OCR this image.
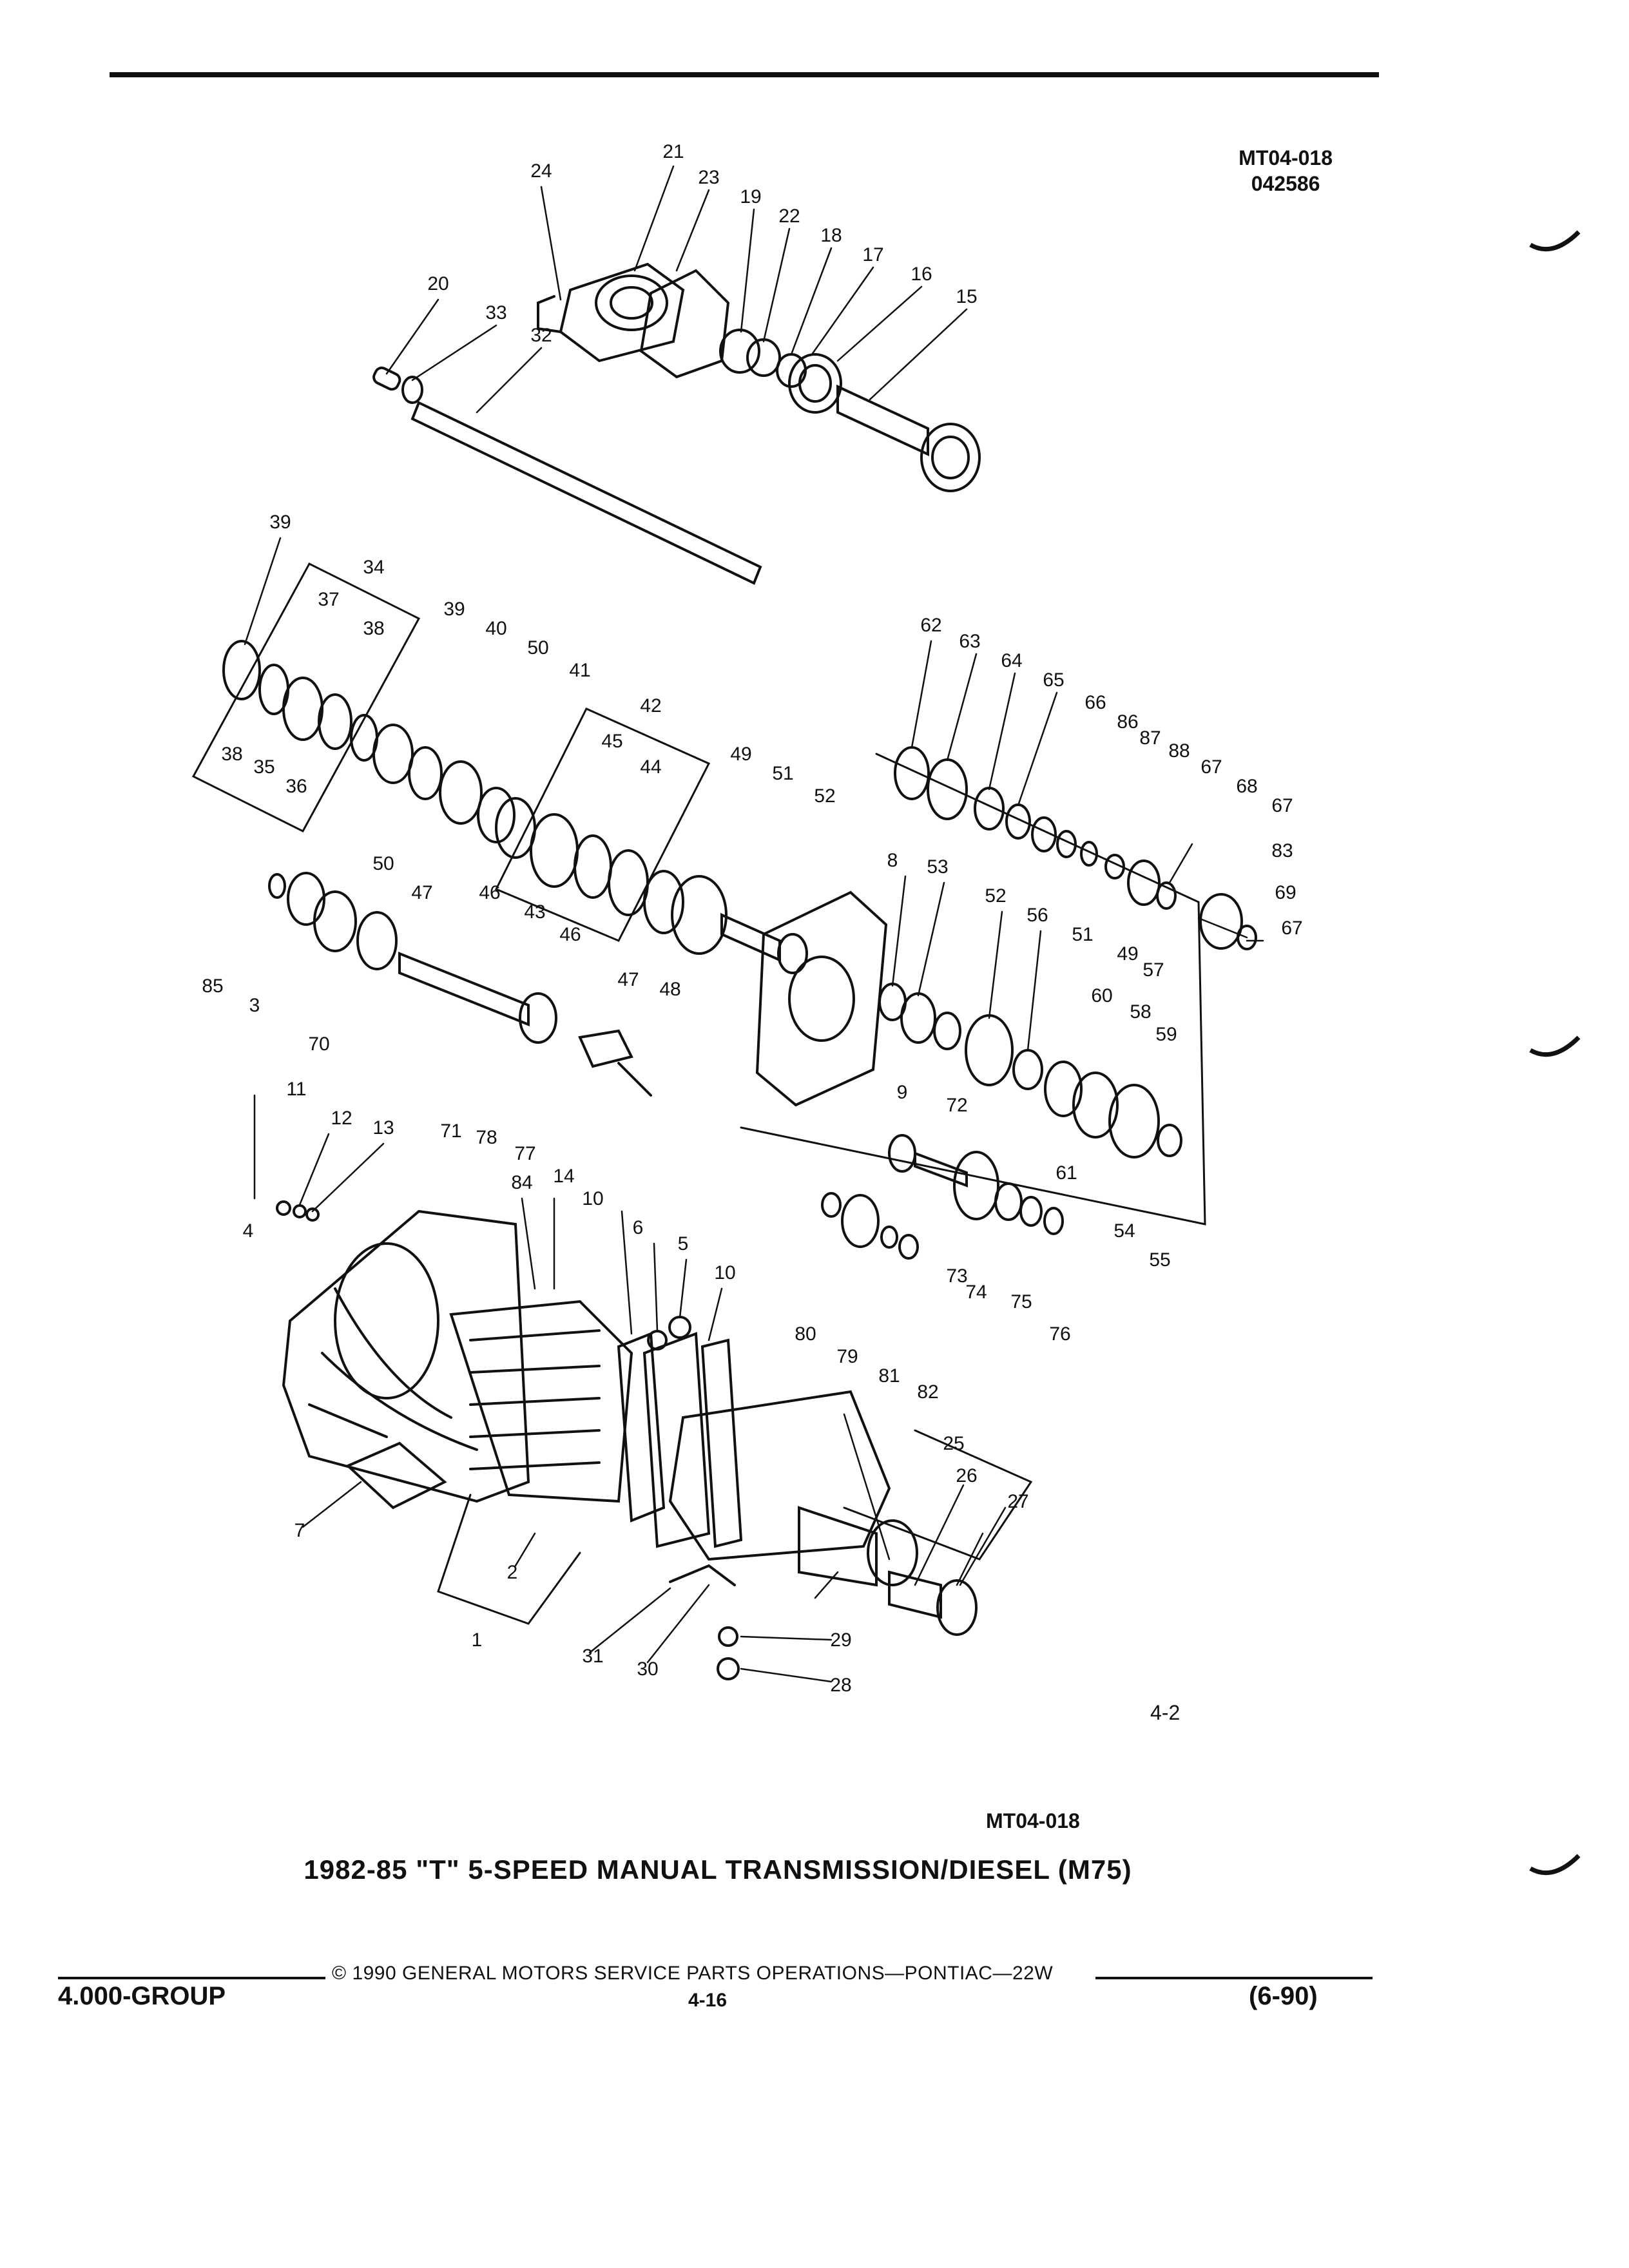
MT04-018
042586
21
24	23
19
22
18
17
16
15
20
33
32
39
34
37
38
39
40
50
41
42
45
44
38
35
36
50
47 46
43
46
47 48
49
51
52
85
3
70
71 78
77
62
63
64
65
66
86
87
88
67
68
67
83
69
67
8 53
52
56
51
49
57
60
58
59
9
72
61
54
55
73
74 75
76
80
79
81
82
11
12 13
4
84 14
10
6
5
10
7
2
1
25
26
27
31
30
29
28
4-2
MT04-018
1982-85 "T" 5-SPEED MANUAL TRANSMISSION/DIESEL (M75)
© 1990 GENERAL MOTORS SERVICE PARTS OPERATIONS—PONTIAC—22W
4.000-GROUP	4-16	(6-90)
